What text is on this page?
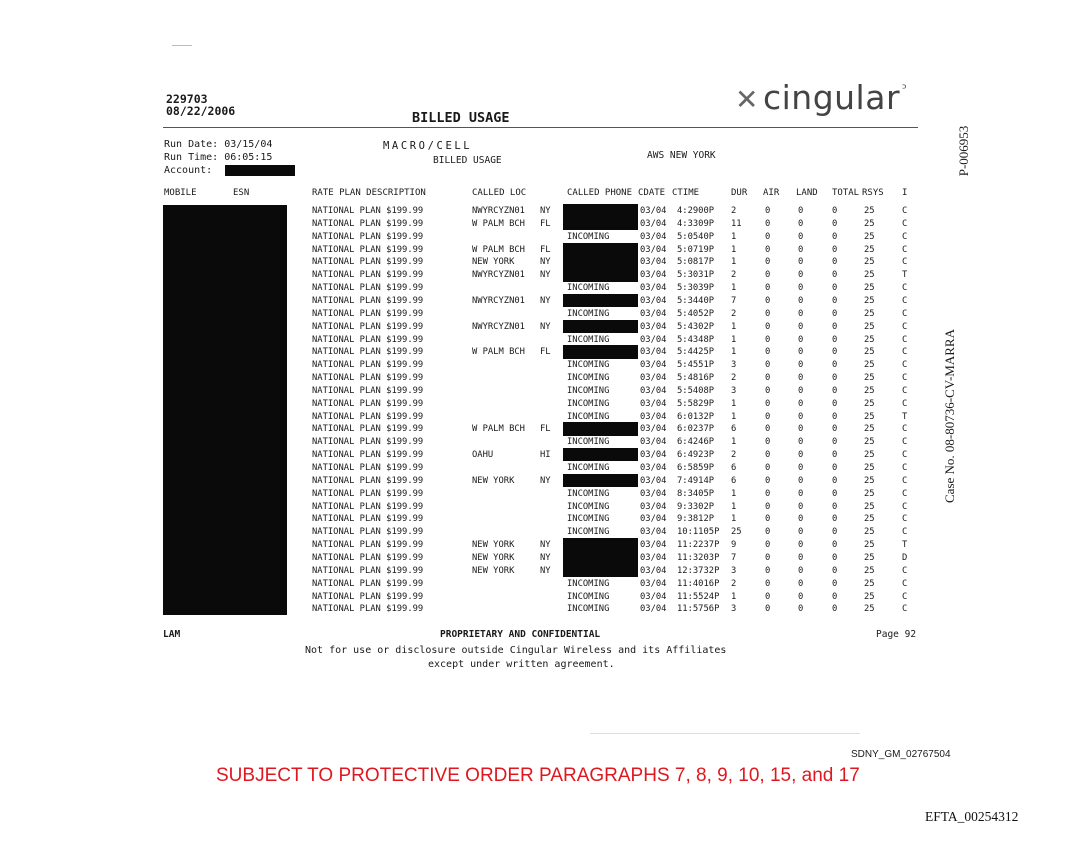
229703
08/22/2006	BILLED USAGE
✕ cingular $^ᵓ$
Run Date: 03/15/04
Run Time: 06:05:15
Account:
MACRO/CELL
BILLED USAGE	AWS NEW YORK
MOBILE	ESN	RATE PLAN DESCRIPTION	CALLED LOC	CALLED PHONE CDATE CTIME	DUR AIR LAND TOTAL RSYS I
NATIONAL PLAN $199.99	NWYRCYZN01 NY	03/04 4:2900P 2	0	0	0	25	C
NATIONAL PLAN $199.99	W PALM BCH FL	03/04 4:3309P 11	0	0	0	25	C
NATIONAL PLAN $199.99	INCOMING	03/04 5:0540P 1	0	0	0	25	C
NATIONAL PLAN $199.99	W PALM BCH FL	03/04 5:0719P 1	0	0	0	25	C
NATIONAL PLAN $199.99	NEW YORK	NY	03/04 5:0817P 1	0	0	0	25	C
NATIONAL PLAN $199.99	NWYRCYZN01 NY	03/04 5:3031P 2	0	0	0	25	T
NATIONAL PLAN $199.99	INCOMING	03/04 5:3039P 1	0	0	0	25	C
NATIONAL PLAN $199.99	NWYRCYZN01 NY	03/04 5:3440P 7	0	0	0	25	C
NATIONAL PLAN $199.99	INCOMING	03/04 5:4052P 2	0	0	0	25	C
NATIONAL PLAN $199.99	NWYRCYZN01 NY	03/04 5:4302P 1	0	0	0	25	C
NATIONAL PLAN $199.99	INCOMING	03/04 5:4348P 1	0	0	0	25	C
NATIONAL PLAN $199.99	W PALM BCH FL	03/04 5:4425P 1	0	0	0	25	C
NATIONAL PLAN $199.99	INCOMING	03/04 5:4551P 3	0	0	0	25	C
NATIONAL PLAN $199.99	INCOMING	03/04 5:4816P 2	0	0	0	25	C
NATIONAL PLAN $199.99	INCOMING	03/04 5:5408P 3	0	0	0	25	C
NATIONAL PLAN $199.99	INCOMING	03/04 5:5829P 1	0	0	0	25	C
NATIONAL PLAN $199.99	INCOMING	03/04 6:0132P 1	0	0	0	25	T
NATIONAL PLAN $199.99	W PALM BCH FL	03/04 6:0237P 6	0	0	0	25	C
NATIONAL PLAN $199.99	INCOMING	03/04 6:4246P 1	0	0	0	25	C
NATIONAL PLAN $199.99	OAHU	HI	03/04 6:4923P 2	0	0	0	25	C
NATIONAL PLAN $199.99	INCOMING	03/04 6:5859P 6	0	0	0	25	C
NATIONAL PLAN $199.99	NEW YORK	NY	03/04 7:4914P 6	0	0	0	25	C
NATIONAL PLAN $199.99	INCOMING	03/04 8:3405P 1	0	0	0	25	C
NATIONAL PLAN $199.99	INCOMING	03/04 9:3302P 1	0	0	0	25	C
NATIONAL PLAN $199.99	INCOMING	03/04 9:3812P 1	0	0	0	25	C
NATIONAL PLAN $199.99	INCOMING	03/04 10:1105P 25	0	0	0	25	C
NATIONAL PLAN $199.99	NEW YORK	NY	03/04 11:2237P 9	0	0	0	25	T
NATIONAL PLAN $199.99	NEW YORK	NY	03/04 11:3203P 7	0	0	0	25	D
NATIONAL PLAN $199.99	NEW YORK	NY	03/04 12:3732P 3	0	0	0	25	C
NATIONAL PLAN $199.99	INCOMING	03/04 11:4016P 2	0	0	0	25	C
NATIONAL PLAN $199.99	INCOMING	03/04 11:5524P 1	0	0	0	25	C
NATIONAL PLAN $199.99	INCOMING	03/04 11:5756P 3	0	0	0	25	C
LAM	PROPRIETARY AND CONFIDENTIAL	Page 92
Not for use or disclosure outside Cingular Wireless and its Affiliates
except under written agreement.
P-006953
Case No. 08-80736-CV-MARRA
SDNY_GM_02767504
SUBJECT TO PROTECTIVE ORDER PARAGRAPHS 7, 8, 9, 10, 15, and 17
EFTA_00254312
